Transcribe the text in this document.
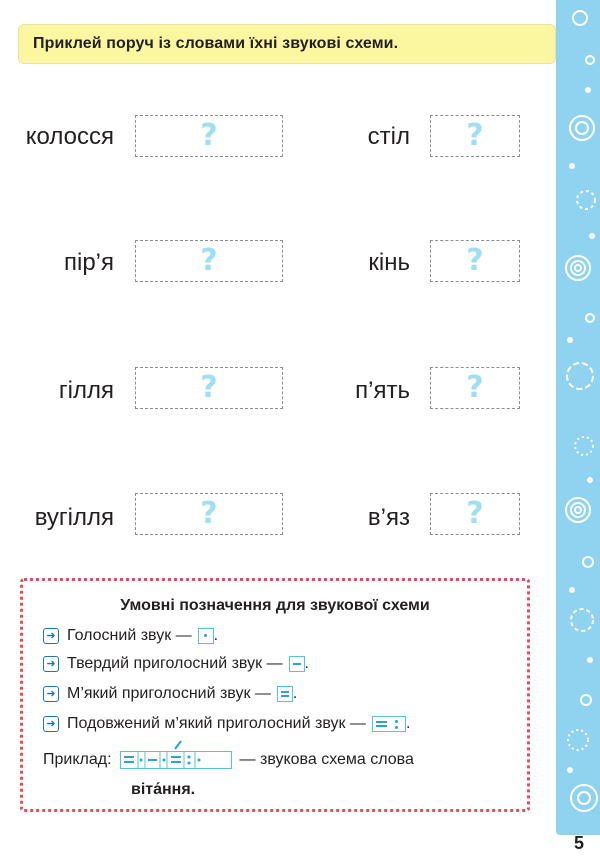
Приклей поруч із словами їхні звукові схеми.
колосся	?
пір’я	?
гілля	?
вугілля	?
стіл ?
кінь ?
п’ять ?
в’яз ?
Умовні позначення для звукової схеми
➜ Голосний звук — .
➜ Твердий приголосний звук — .
➜ М’який приголосний звук — .
➜ Подовжений м’який приголосний звук —	.
Приклад:	— звукова схема слова
віта́ння.
5
